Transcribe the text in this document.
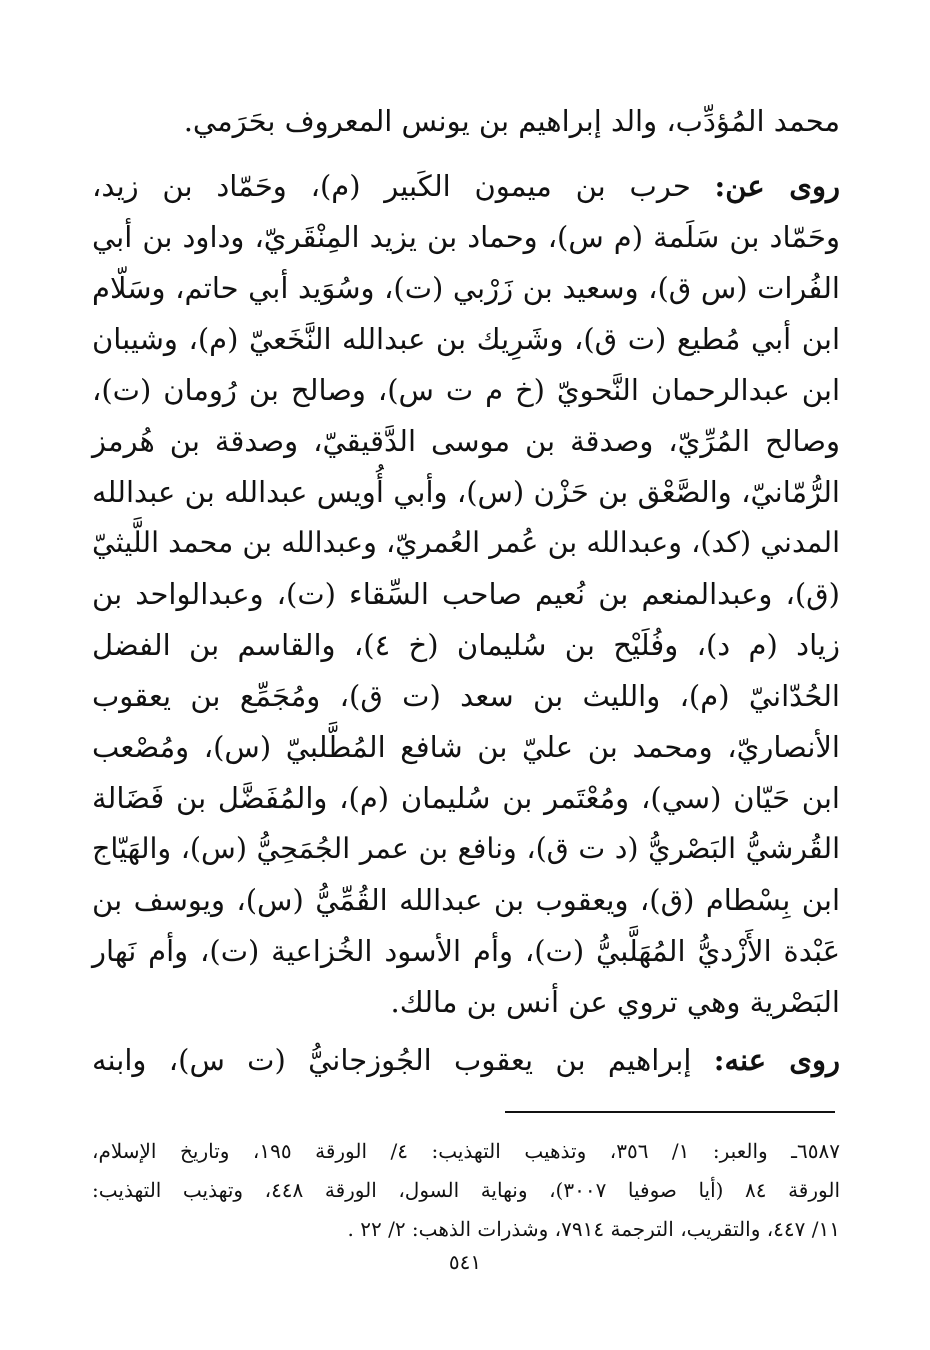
محمد المُؤدِّب، والد إبراهيم بن يونس المعروف بحَرَمي.
روى عن: حرب بن ميمون الكَبير (م)، وحَمّاد بن زيد،
وحَمّاد بن سَلَمة (م س)، وحماد بن يزيد المِنْقَريّ، وداود بن أبي
الفُرات (س ق)، وسعيد بن زَرْبي (ت)، وسُوَيد أبي حاتم، وسَلّام
ابن أبي مُطيع (ت ق)، وشَرِيك بن عبدالله النَّخَعيّ (م)، وشيبان
ابن عبدالرحمان النَّحويّ (خ م ت س)، وصالح بن رُومان (ت)،
وصالح المُرِّيّ، وصدقة بن موسى الدَّقيقيّ، وصدقة بن هُرمز
الرُّمّانيّ، والصَّعْق بن حَزْن (س)، وأبي أُويس عبدالله بن عبدالله
المدني (كد)، وعبدالله بن عُمر العُمريّ، وعبدالله بن محمد اللَّيثيّ
(ق)، وعبدالمنعم بن نُعيم صاحب السِّقاء (ت)، وعبدالواحد بن
زياد (م د)، وفُلَيْح بن سُليمان (خ ٤)، والقاسم بن الفضل
الحُدّانيّ (م)، والليث بن سعد (ت ق)، ومُجَمِّع بن يعقوب
الأنصاريّ، ومحمد بن عليّ بن شافع المُطَّلبيّ (س)، ومُصْعب
ابن حَيّان (سي)، ومُعْتَمر بن سُليمان (م)، والمُفَضَّل بن فَضَالة
القُرشيُّ البَصْريُّ (د ت ق)، ونافع بن عمر الجُمَحِيُّ (س)، والهَيّاج
ابن بِسْطام (ق)، ويعقوب بن عبدالله القُمِّيُّ (س)، ويوسف بن
عَبْدة الأَزْديُّ المُهَلَّبيُّ (ت)، وأم الأسود الخُزاعية (ت)، وأم نَهار
البَصْرية وهي تروي عن أنس بن مالك.
روى عنه: إبراهيم بن يعقوب الجُوزجانيُّ (ت س)، وابنه
٦٥٨٧ـ والعبر: ١/ ٣٥٦، وتذهيب التهذيب: ٤/ الورقة ١٩٥، وتاريخ الإسلام،
الورقة ٨٤ (أيا صوفيا ٣٠٠٧)، ونهاية السول، الورقة ٤٤٨، وتهذيب التهذيب:
١١/ ٤٤٧، والتقريب، الترجمة ٧٩١٤، وشذرات الذهب: ٢/ ٢٢ .
٥٤١
